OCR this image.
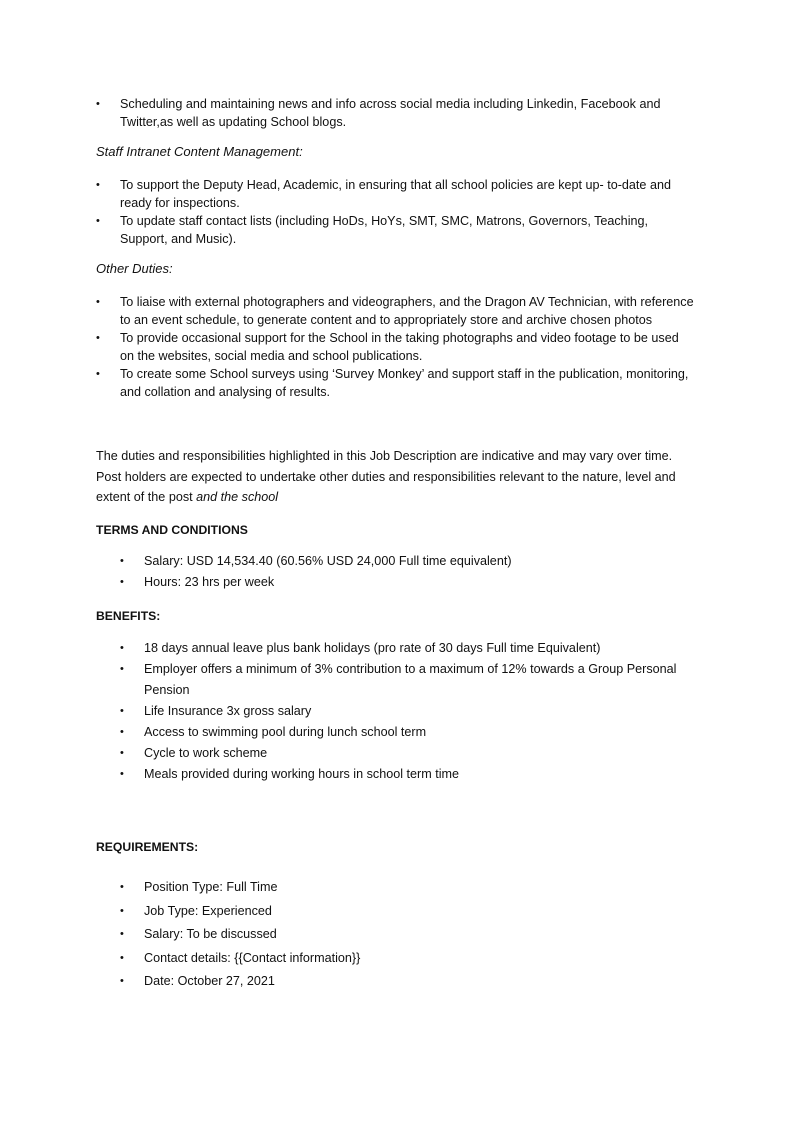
• Scheduling and maintaining news and info across social media including Linkedin, Facebook and Twitter,as well as updating School blogs.
Staff Intranet Content Management:
• To support the Deputy Head, Academic, in ensuring that all school policies are kept up- to-date and ready for inspections.
• To update staff contact lists (including HoDs, HoYs, SMT, SMC, Matrons, Governors, Teaching, Support, and Music).
Other Duties:
• To liaise with external photographers and videographers, and the Dragon AV Technician, with reference to an event schedule, to generate content and to appropriately store and archive chosen photos
• To provide occasional support for the School in the taking photographs and video footage to be used on the websites, social media and school publications.
• To create some School surveys using ‘Survey Monkey’ and support staff in the publication, monitoring, and collation and analysing of results.

The duties and responsibilities highlighted in this Job Description are indicative and may vary over time. Post holders are expected to undertake other duties and responsibilities relevant to the nature, level and extent of the post and the school

TERMS AND CONDITIONS
• Salary: USD 14,534.40 (60.56% USD 24,000 Full time equivalent)
• Hours: 23 hrs per week
BENEFITS:
• 18 days annual leave plus bank holidays (pro rate of 30 days Full time Equivalent)
• Employer offers a minimum of 3% contribution to a maximum of 12% towards a Group Personal Pension
• Life Insurance 3x gross salary
• Access to swimming pool during lunch school term
• Cycle to work scheme
• Meals provided during working hours in school term time
REQUIREMENTS:
• Position Type: Full Time
• Job Type: Experienced
• Salary: To be discussed
• Contact details: {{Contact information}}
• Date: October 27, 2021
